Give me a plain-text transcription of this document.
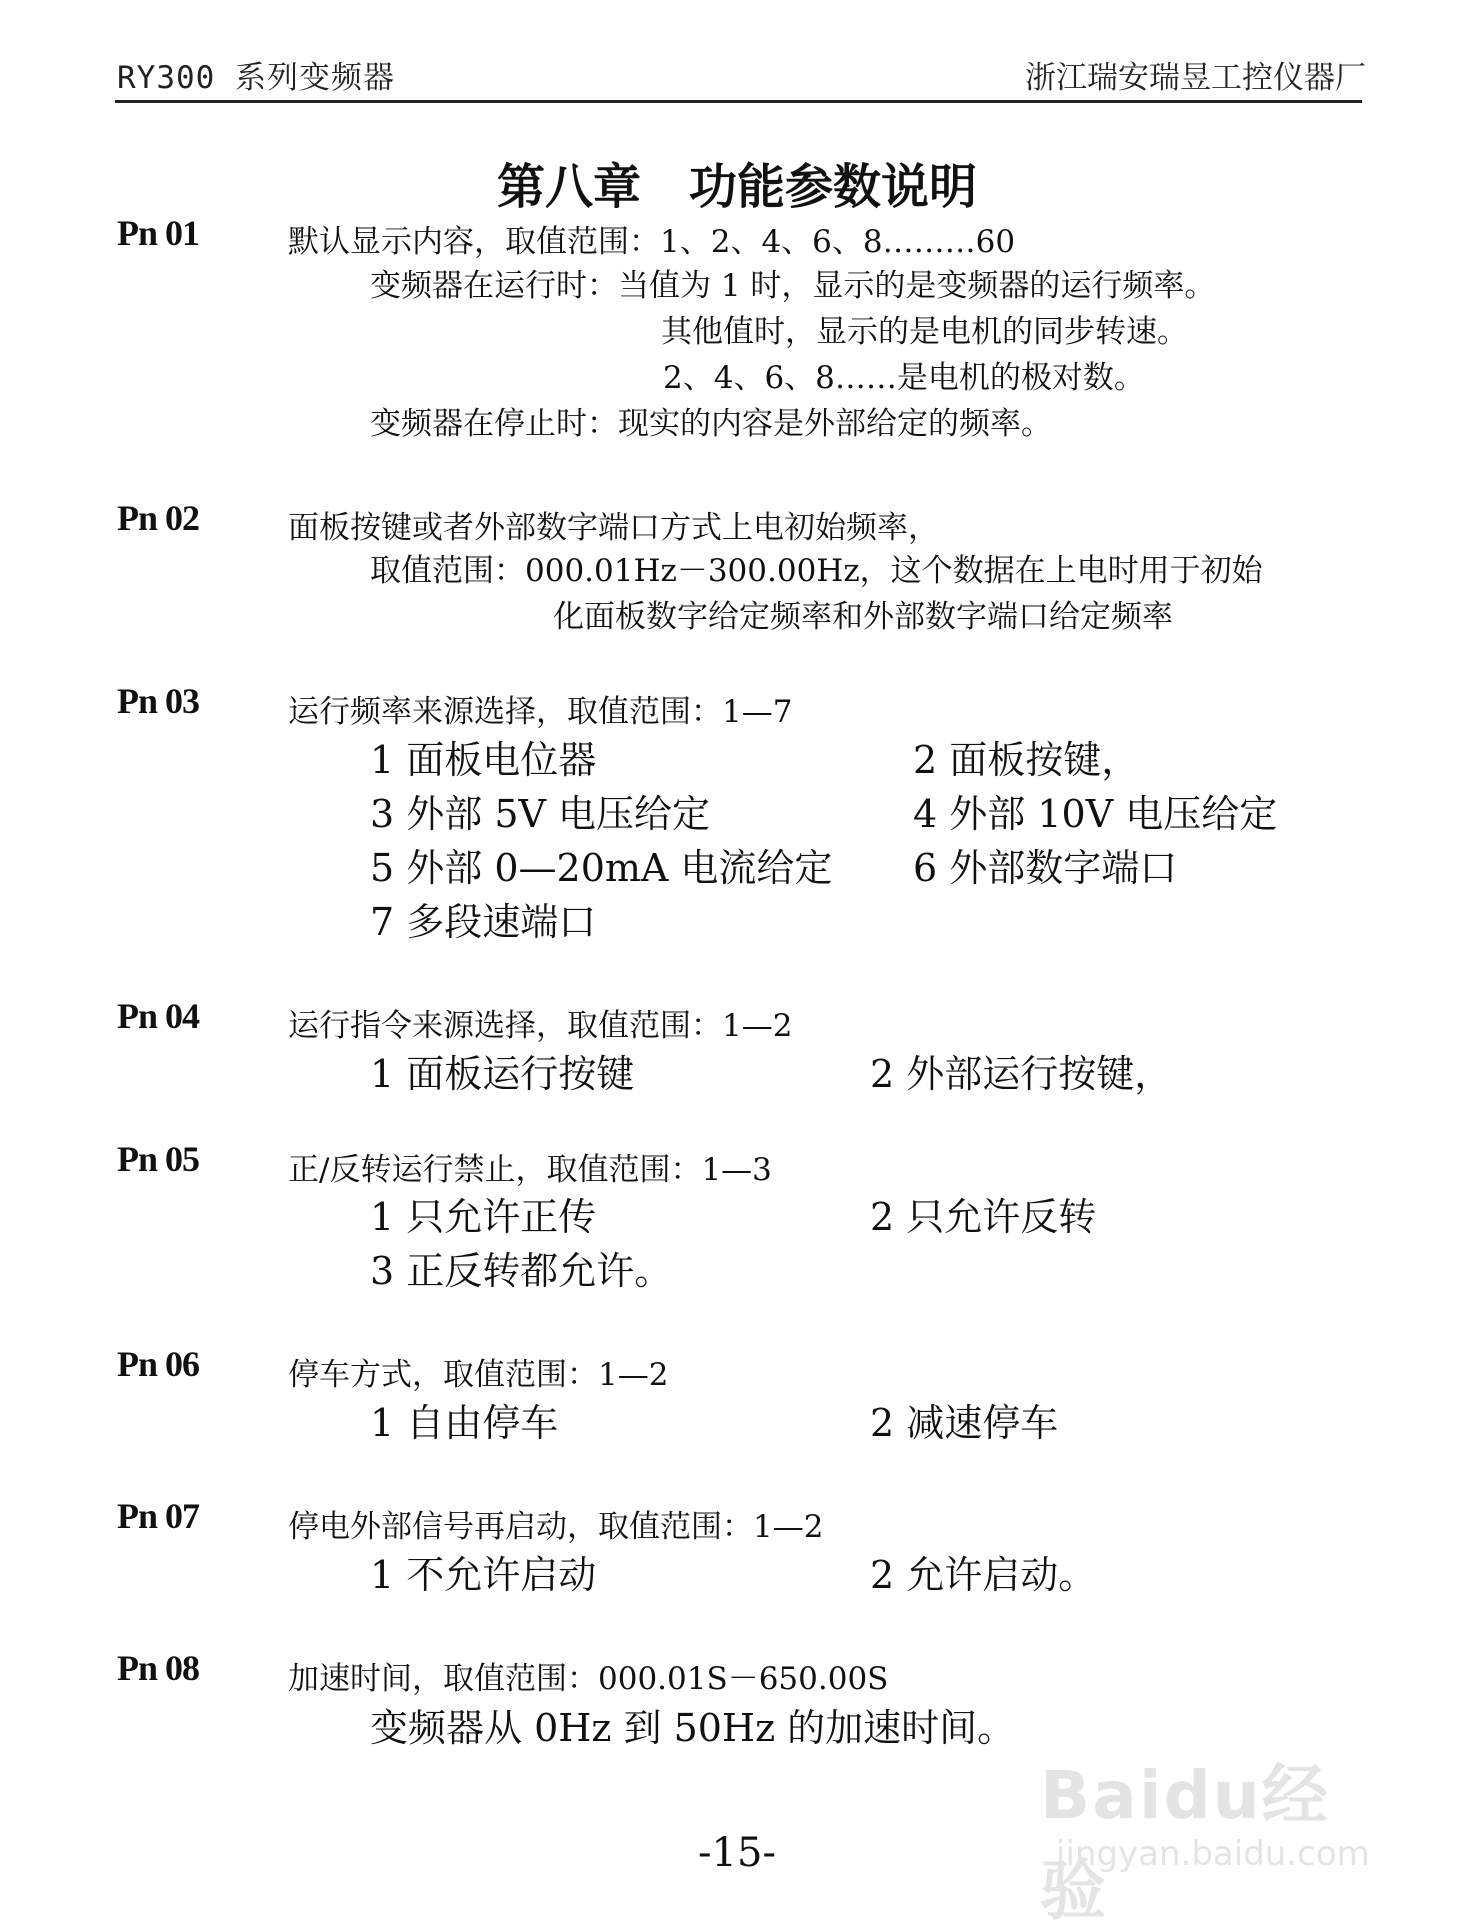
RY300 系列变频器	浙江瑞安瑞昱工控仪器厂
第八章　功能参数说明
Pn 01	默认显示内容，取值范围：1、2、4、6、8………60
变频器在运行时：当值为 1 时，显示的是变频器的运行频率。
其他值时，显示的是电机的同步转速。
2、4、6、8……是电机的极对数。
变频器在停止时：现实的内容是外部给定的频率。
Pn 02	面板按键或者外部数字端口方式上电初始频率，
取值范围：000.01Hz－300.00Hz，这个数据在上电时用于初始
化面板数字给定频率和外部数字端口给定频率
Pn 03	运行频率来源选择，取值范围：1—7
1 面板电位器	2 面板按键，
3 外部 5V 电压给定	4 外部 10V 电压给定
5 外部 0—20mA 电流给定 6 外部数字端口
7 多段速端口
Pn 04	运行指令来源选择，取值范围：1—2
1 面板运行按键	2 外部运行按键，
Pn 05	正/反转运行禁止，取值范围：1—3
1 只允许正传	2 只允许反转
3 正反转都允许。
Pn 06	停车方式，取值范围：1—2
1 自由停车	2 减速停车
Pn 07	停电外部信号再启动，取值范围：1—2
1 不允许启动	2 允许启动。
Pn 08	加速时间，取值范围：000.01S－650.00S
变频器从 0Hz 到 50Hz 的加速时间。
Baidu经验
jingyan.baidu.com
-15-
